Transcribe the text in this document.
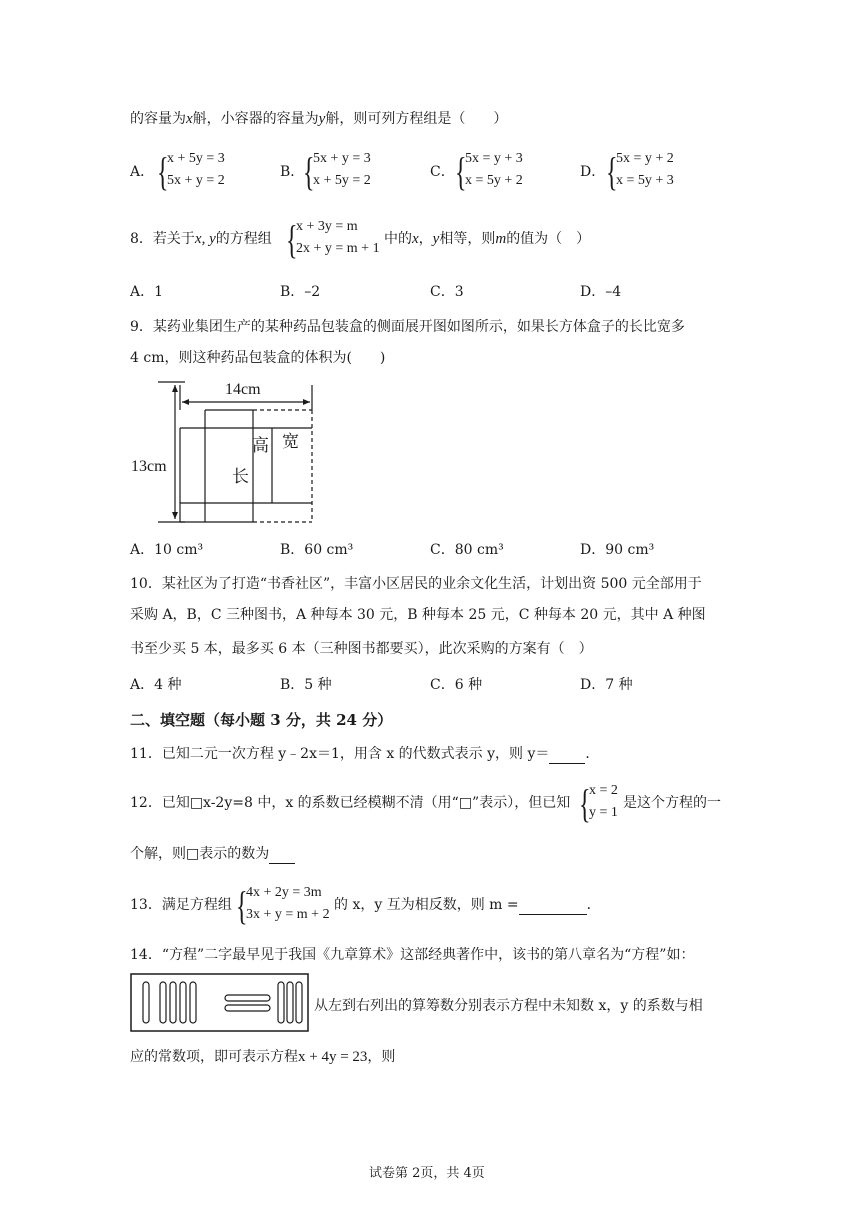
的容量为x斛，小容器的容量为y斛，则可列方程组是（　　）
A． {
x + 5y = 3
5x + y = 2
B．
{
5x + y = 3
x + 5y = 2
C． {
5x = y + 3
x = 5y + 2
D． {
5x = y + 2
x = 5y + 3
8．若关于x, y的方程组 {
x + 3y = m
2x + y = m + 1
中的x，y相等，则m的值为（　）
A．1	B．–2	C．3	D．–4
9．某药业集团生产的某种药品包装盒的侧面展开图如图所示，如果长方体盒子的长比宽多
4 cm，则这种药品包装盒的体积为(　　)
14cm
13cm
高 宽
长
A．10 cm³	B．60 cm³	C．80 cm³	D．90 cm³
10．某社区为了打造“书香社区”，丰富小区居民的业余文化生活，计划出资 500 元全部用于
采购 A，B，C 三种图书，A 种每本 30 元，B 种每本 25 元，C 种每本 20 元，其中 A 种图
书至少买 5 本，最多买 6 本（三种图书都要买），此次采购的方案有（　）
A．4 种	B．5 种	C．6 种	D．7 种
二、填空题（每小题 3 分，共 24 分）
11．已知二元一次方程 y﹣2x＝1，用含 x 的代数式表示 y，则 y＝	．
12．已知□x-2y=8 中，x 的系数已经模糊不清（用“□”表示），但已知 {
x = 2
y = 1
是这个方程的一
个解，则□表示的数为
13．满足方程组 {
4x + 2y = 3m
3x + y = m + 2
的 x，y 互为相反数，则 m =	．
14．“方程”二字最早见于我国《九章算术》这部经典著作中，该书的第八章名为“方程”如：
从左到右列出的算筹数分别表示方程中未知数 x，y 的系数与相
应的常数项，即可表示方程x + 4y = 23，则
试卷第 2页，共 4页
